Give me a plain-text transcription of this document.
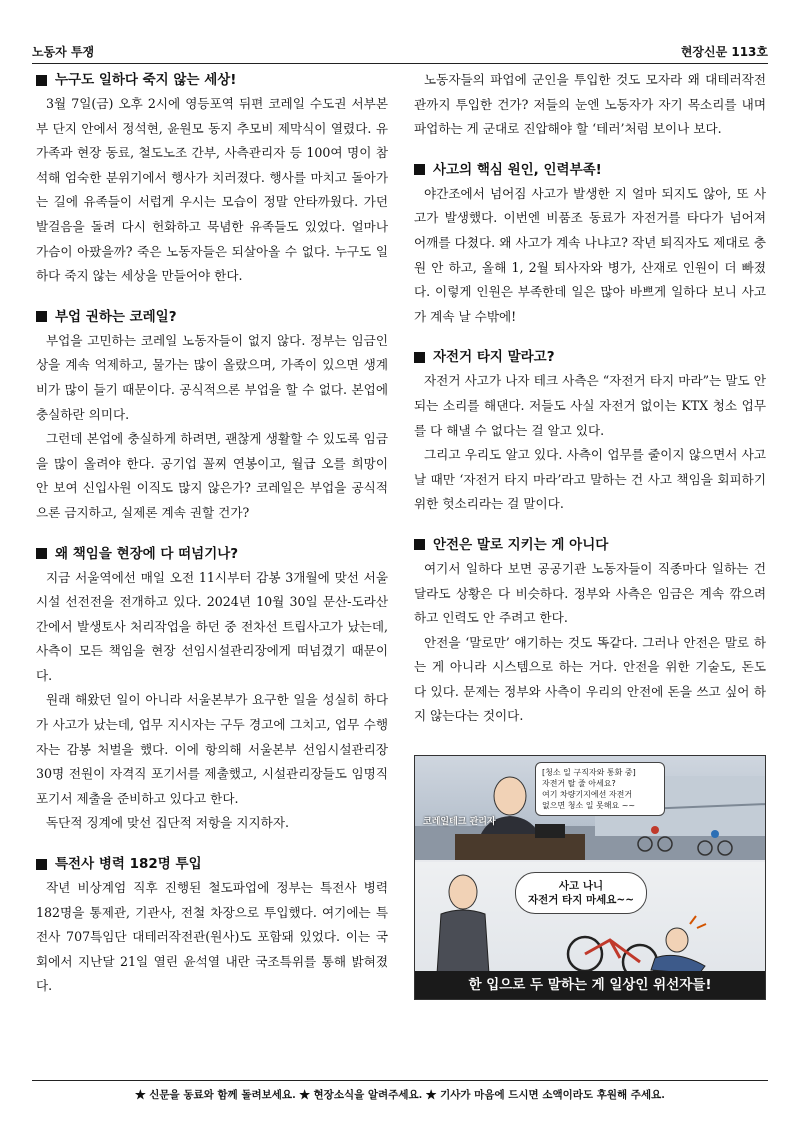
노동자 투쟁	현장신문 113호
누구도 일하다 죽지 않는 세상!

3월 7일(금) 오후 2시에 영등포역 뒤편 코레일 수도권 서부본부 단지 안에서 정석현, 윤원모 동지 추모비 제막식이 열렸다. 유가족과 현장 동료, 철도노조 간부, 사측관리자 등 100여 명이 참석해 엄숙한 분위기에서 행사가 치러졌다. 행사를 마치고 돌아가는 길에 유족들이 서럽게 우시는 모습이 정말 안타까웠다. 가던 발걸음을 돌려 다시 헌화하고 묵념한 유족들도 있었다. 얼마나 가슴이 아팠을까? 죽은 노동자들은 되살아올 수 없다. 누구도 일하다 죽지 않는 세상을 만들어야 한다.

부업 권하는 코레일?

부업을 고민하는 코레일 노동자들이 없지 않다. 정부는 임금인상을 계속 억제하고, 물가는 많이 올랐으며, 가족이 있으면 생계비가 많이 들기 때문이다. 공식적으론 부업을 할 수 없다. 본업에 충실하란 의미다.

그런데 본업에 충실하게 하려면, 괜찮게 생활할 수 있도록 임금을 많이 올려야 한다. 공기업 꼴찌 연봉이고, 월급 오를 희망이 안 보여 신입사원 이직도 많지 않은가? 코레일은 부업을 공식적으론 금지하고, 실제론 계속 권할 건가?

왜 책임을 현장에 다 떠넘기나?

지금 서울역에선 매일 오전 11시부터 감봉 3개월에 맞선 서울시설 선전전을 전개하고 있다. 2024년 10월 30일 문산-도라산간에서 발생토사 처리작업을 하던 중 전차선 트립사고가 났는데, 사측이 모든 책임을 현장 선임시설관리장에게 떠넘겼기 때문이다.

원래 해왔던 일이 아니라 서울본부가 요구한 일을 성실히 하다가 사고가 났는데, 업무 지시자는 구두 경고에 그치고, 업무 수행자는 감봉 처벌을 했다. 이에 항의해 서울본부 선임시설관리장 30명 전원이 자격직 포기서를 제출했고, 시설관리장들도 임명직 포기서 제출을 준비하고 있다고 한다.

독단적 징계에 맞선 집단적 저항을 지지하자.

특전사 병력 182명 투입

작년 비상계엄 직후 진행된 철도파업에 정부는 특전사 병력 182명을 통제관, 기관사, 전철 차장으로 투입했다. 여기에는 특전사 707특임단 대테러작전관(원사)도 포함돼 있었다. 이는 국회에서 지난달 21일 열린 윤석열 내란 국조특위를 통해 밝혀졌다.

노동자들의 파업에 군인을 투입한 것도 모자라 왜 대테러작전관까지 투입한 건가? 저들의 눈엔 노동자가 자기 목소리를 내며 파업하는 게 군대로 진압해야 할 ‘테러’처럼 보이나 보다.

사고의 핵심 원인, 인력부족!

야간조에서 넘어짐 사고가 발생한 지 얼마 되지도 않아, 또 사고가 발생했다. 이번엔 비품조 동료가 자전거를 타다가 넘어져 어깨를 다쳤다. 왜 사고가 계속 나냐고? 작년 퇴직자도 제대로 충원 안 하고, 올해 1, 2월 퇴사자와 병가, 산재로 인원이 더 빠졌다. 이렇게 인원은 부족한데 일은 많아 바쁘게 일하다 보니 사고가 계속 날 수밖에!

자전거 타지 말라고?

자전거 사고가 나자 테크 사측은 “자전거 타지 마라”는 말도 안 되는 소리를 해댄다. 저들도 사실 자전거 없이는 KTX 청소 업무를 다 해낼 수 없다는 걸 알고 있다.

그리고 우리도 알고 있다. 사측이 업무를 줄이지 않으면서 사고 날 때만 ‘자전거 타지 마라’라고 말하는 건 사고 책임을 회피하기 위한 헛소리라는 걸 말이다.

안전은 말로 지키는 게 아니다

여기서 일하다 보면 공공기관 노동자들이 직종마다 일하는 건 달라도 상황은 다 비슷하다. 정부와 사측은 임금은 계속 깎으려 하고 인력도 안 주려고 한다.

안전을 ‘말로만’ 얘기하는 것도 똑같다. 그러나 안전은 말로 하는 게 아니라 시스템으로 하는 거다. 안전을 위한 기술도, 돈도 다 있다. 문제는 정부와 사측이 우리의 안전에 돈을 쓰고 싶어 하지 않는다는 것이다.

[청소 일 구직자와 통화 중]
자전거 탈 줄 아세요?
여기 차량기지에선 자전거
없으면 청소 일 못해요 ~~
코레일테크 관리자
사고 나니
자전거 타지 마세요~~
한 입으로 두 말하는 게 일상인 위선자들!
★ 신문을 동료와 함께 돌려보세요. ★ 현장소식을 알려주세요. ★ 기사가 마음에 드시면 소액이라도 후원해 주세요.
